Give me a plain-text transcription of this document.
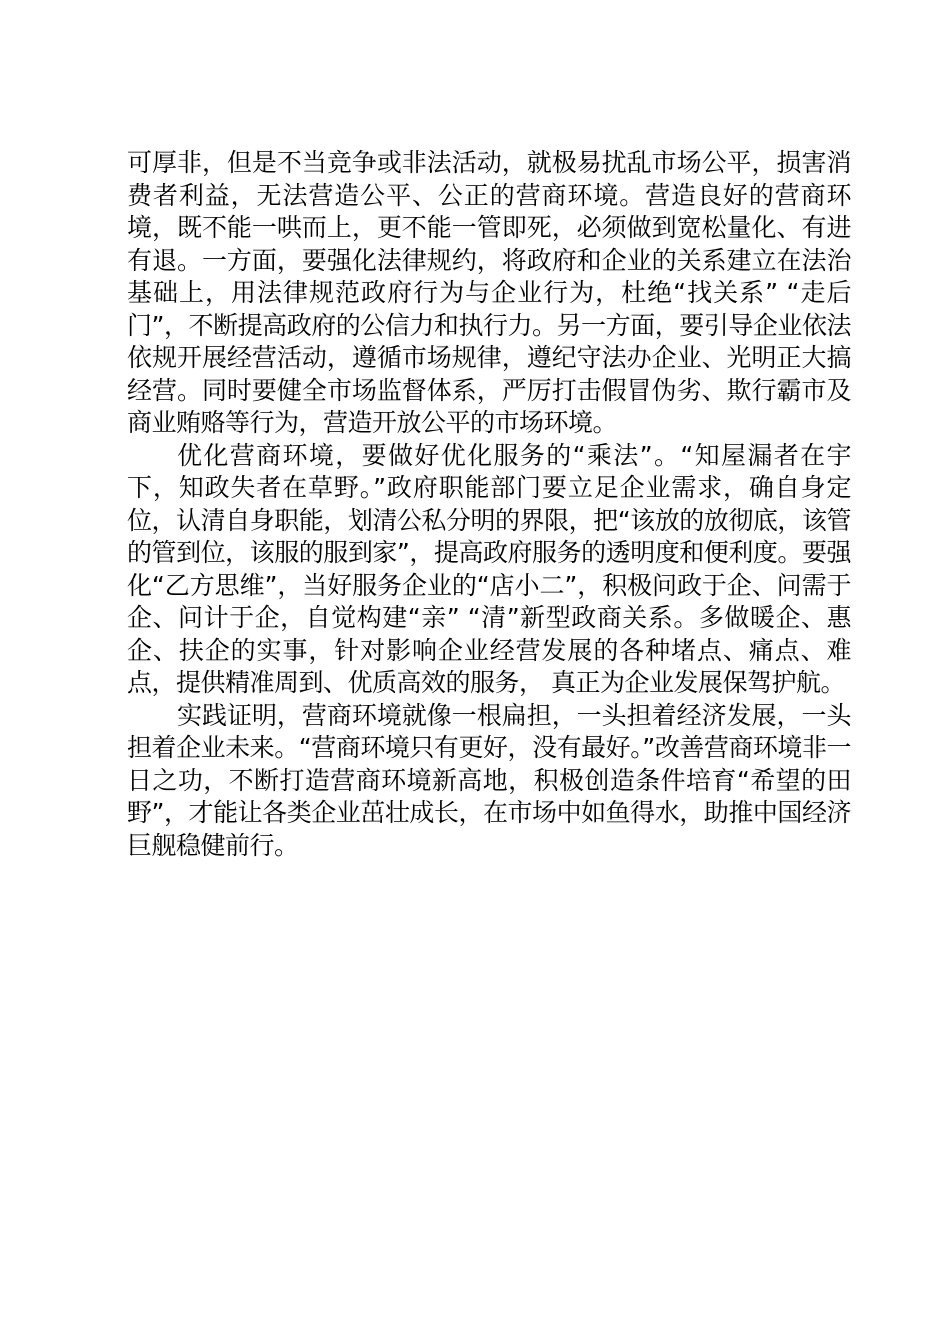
可厚非，但是不当竞争或非法活动，就极易扰乱市场公平，损害消费者利益，无法营造公平、公正的营商环境。营造良好的营商环境，既不能一哄而上，更不能一管即死，必须做到宽松量化、有进有退。一方面，要强化法律规约，将政府和企业的关系建立在法治基础上，用法律规范政府行为与企业行为，杜绝“找关系” “走后门”，不断提高政府的公信力和执行力。另一方面，要引导企业依法依规开展经营活动，遵循市场规律，遵纪守法办企业、光明正大搞经营。同时要健全市场监督体系，严厉打击假冒伪劣、欺行霸市及商业贿赂等行为，营造开放公平的市场环境。

优化营商环境，要做好优化服务的“乘法”。“知屋漏者在宇下，知政失者在草野。”政府职能部门要立足企业需求，确自身定位，认清自身职能，划清公私分明的界限，把“该放的放彻底，该管的管到位，该服的服到家”，提高政府服务的透明度和便利度。要强化“乙方思维”，当好服务企业的“店小二”，积极问政于企、问需于企、问计于企，自觉构建“亲” “清”新型政商关系。多做暖企、惠企、扶企的实事，针对影响企业经营发展的各种堵点、痛点、难点，提供精准周到、优质高效的服务， 真正为企业发展保驾护航。

实践证明，营商环境就像一根扁担，一头担着经济发展，一头担着企业未来。“营商环境只有更好，没有最好。”改善营商环境非一日之功，不断打造营商环境新高地，积极创造条件培育“希望的田野”，才能让各类企业茁壮成长，在市场中如鱼得水，助推中国经济巨舰稳健前行。
